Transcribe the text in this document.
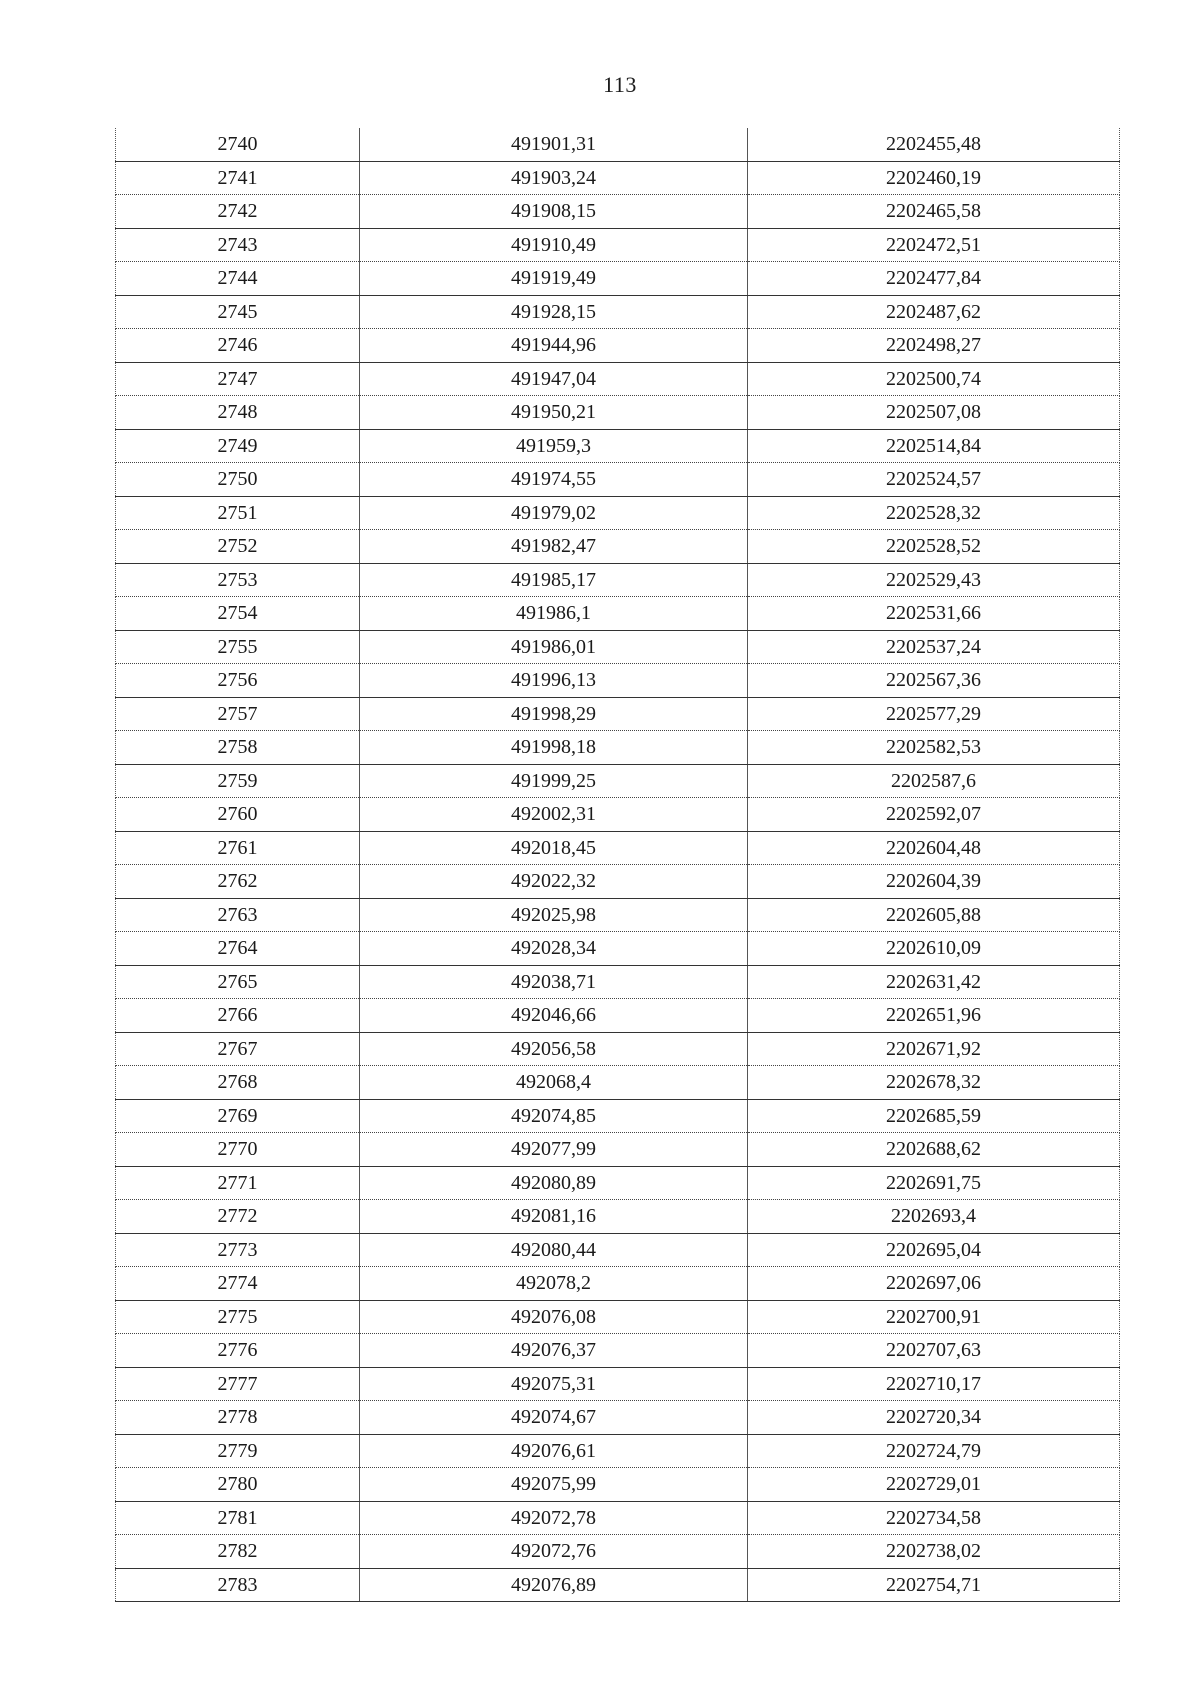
113
2740	491901,31	2202455,48
2741	491903,24	2202460,19
2742	491908,15	2202465,58
2743	491910,49	2202472,51
2744	491919,49	2202477,84
2745	491928,15	2202487,62
2746	491944,96	2202498,27
2747	491947,04	2202500,74
2748	491950,21	2202507,08
2749	491959,3	2202514,84
2750	491974,55	2202524,57
2751	491979,02	2202528,32
2752	491982,47	2202528,52
2753	491985,17	2202529,43
2754	491986,1	2202531,66
2755	491986,01	2202537,24
2756	491996,13	2202567,36
2757	491998,29	2202577,29
2758	491998,18	2202582,53
2759	491999,25	2202587,6
2760	492002,31	2202592,07
2761	492018,45	2202604,48
2762	492022,32	2202604,39
2763	492025,98	2202605,88
2764	492028,34	2202610,09
2765	492038,71	2202631,42
2766	492046,66	2202651,96
2767	492056,58	2202671,92
2768	492068,4	2202678,32
2769	492074,85	2202685,59
2770	492077,99	2202688,62
2771	492080,89	2202691,75
2772	492081,16	2202693,4
2773	492080,44	2202695,04
2774	492078,2	2202697,06
2775	492076,08	2202700,91
2776	492076,37	2202707,63
2777	492075,31	2202710,17
2778	492074,67	2202720,34
2779	492076,61	2202724,79
2780	492075,99	2202729,01
2781	492072,78	2202734,58
2782	492072,76	2202738,02
2783	492076,89	2202754,71
